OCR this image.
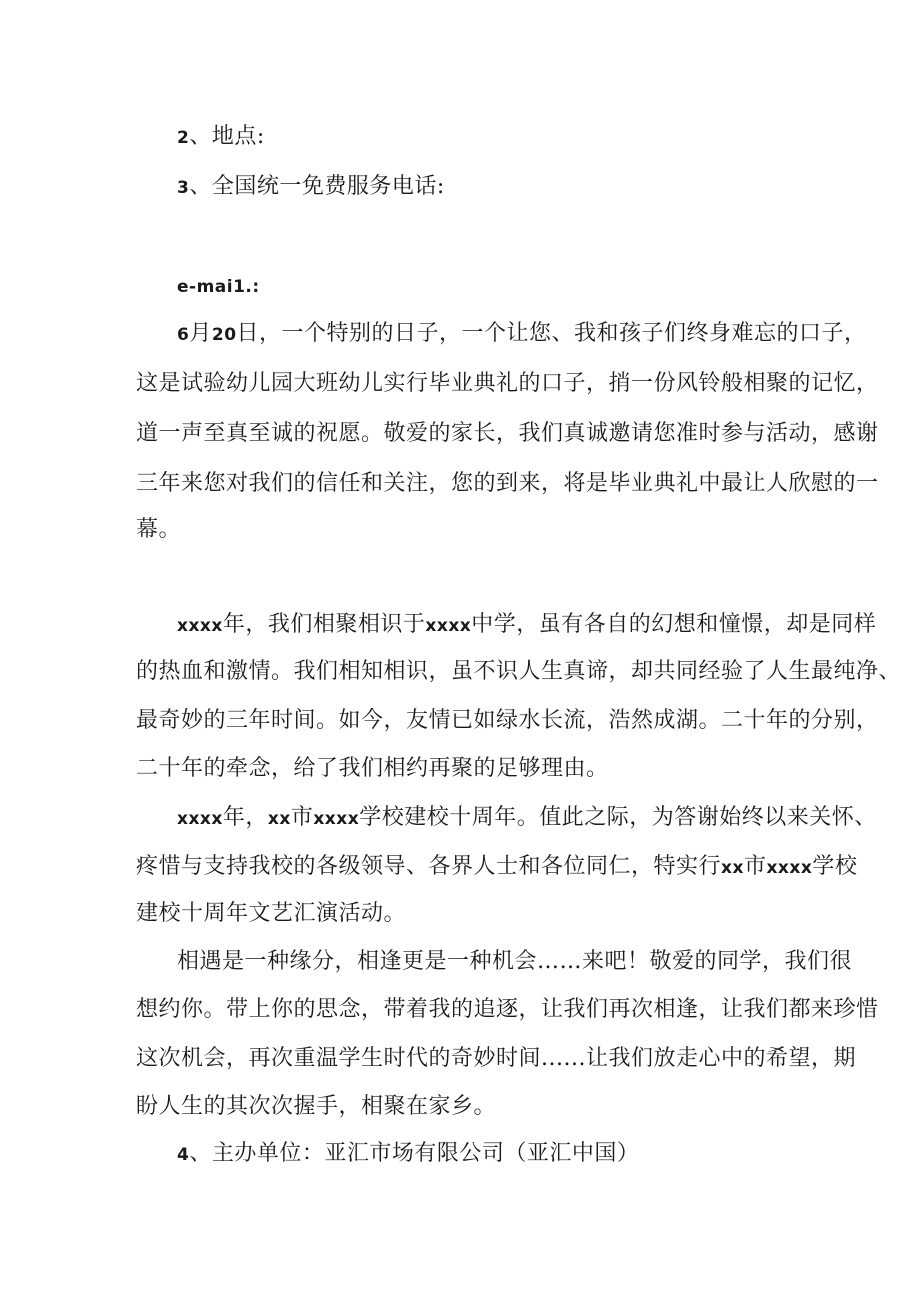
2、地点:
3、全国统一免费服务电话:
e-mai1.:
6月20日，一个特别的日子，一个让您、我和孩子们终身难忘的口子，
这是试验幼儿园大班幼儿实行毕业典礼的口子，捎一份风铃般相聚的记忆，
道一声至真至诚的祝愿。敬爱的家长，我们真诚邀请您准时参与活动，感谢
三年来您对我们的信任和关注，您的到来，将是毕业典礼中最让人欣慰的一
幕。
xxxx年，我们相聚相识于xxxx中学，虽有各自的幻想和憧憬，却是同样
的热血和激情。我们相知相识，虽不识人生真谛，却共同经验了人生最纯净、
最奇妙的三年时间。如今，友情已如绿水长流，浩然成湖。二十年的分别，
二十年的牵念，给了我们相约再聚的足够理由。
xxxx年，xx市xxxx学校建校十周年。值此之际，为答谢始终以来关怀、
疼惜与支持我校的各级领导、各界人士和各位同仁，特实行xx市xxxx学校
建校十周年文艺汇演活动。
相遇是一种缘分，相逢更是一种机会……来吧！敬爱的同学，我们很
想约你。带上你的思念，带着我的追逐，让我们再次相逢，让我们都来珍惜
这次机会，再次重温学生时代的奇妙时间......让我们放走心中的希望，期
盼人生的其次次握手，相聚在家乡。
4、主办单位：亚汇市场有限公司（亚汇中国）
